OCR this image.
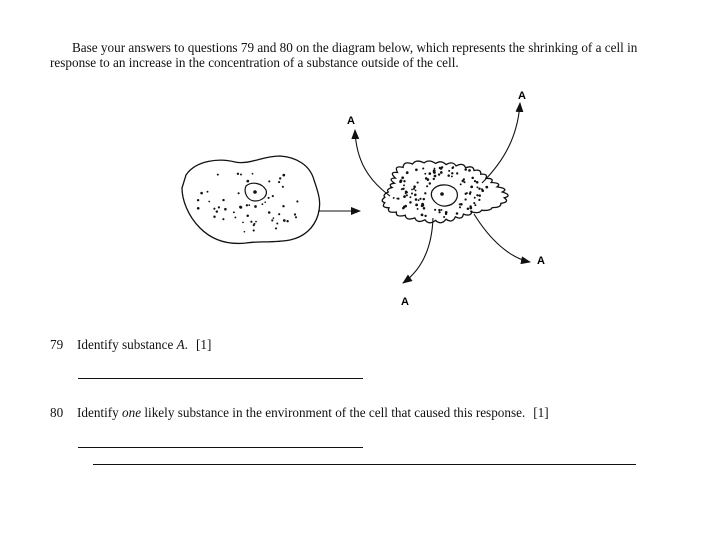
Base your answers to questions 79 and 80 on the diagram below, which represents the shrinking of a cell in
response to an increase in the concentration of a substance outside of the cell.

A
A
A
A
79 Identify substance A. [1]
80 Identify one likely substance in the environment of the cell that caused this response. [1]
